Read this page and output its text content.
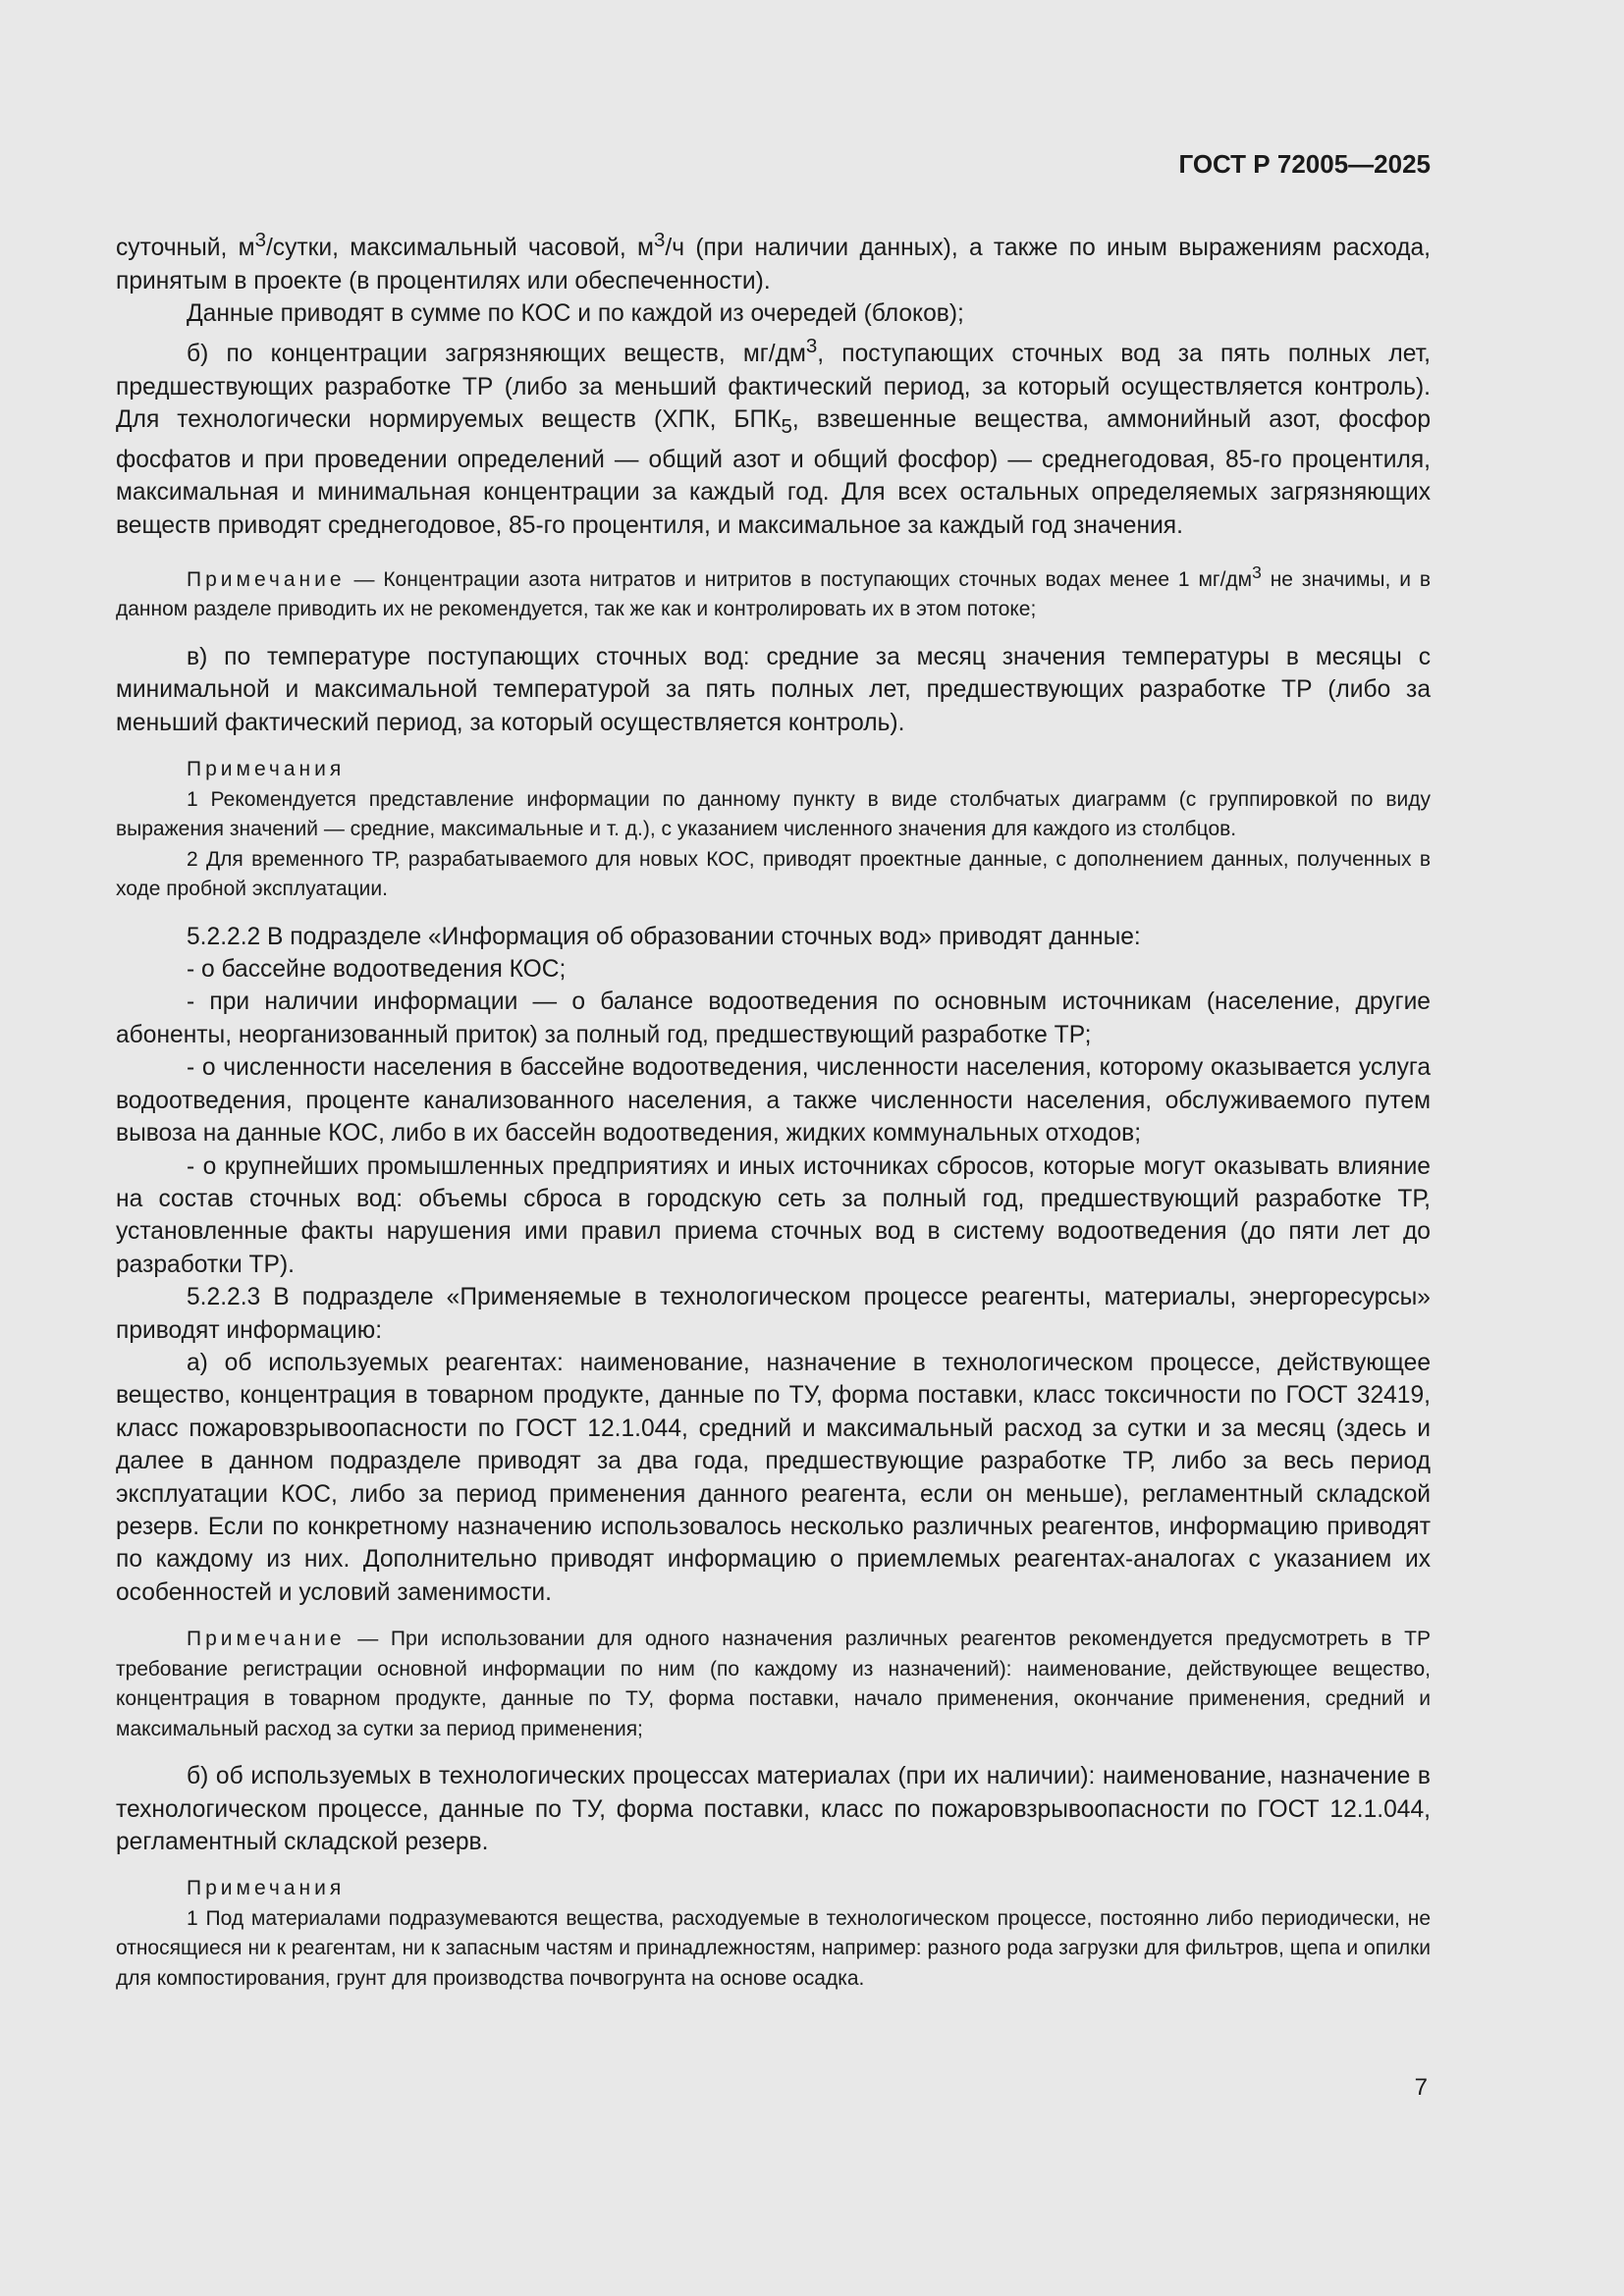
ГОСТ Р 72005—2025

суточный, $м^3$/сутки, максимальный часовой, $м^3/ч$ (при наличии данных), а также по иным выражениям расхода, принятым в проекте (в процентилях или обеспеченности).

Данные приводят в сумме по КОС и по каждой из очередей (блоков);

б) по концентрации загрязняющих веществ, $мг/дм^3$, поступающих сточных вод за пять полных лет, предшествующих разработке ТР (либо за меньший фактический период, за который осуществляется контроль). Для технологически нормируемых веществ (ХПК, $БПК_5$, взвешенные вещества, аммонийный азот, фосфор фосфатов и при проведении определений — общий азот и общий фосфор) — среднегодовая, 85-го процентиля, максимальная и минимальная концентрации за каждый год. Для всех остальных определяемых загрязняющих веществ приводят среднегодовое, 85-го процентиля, и максимальное за каждый год значения.

Примечание — Концентрации азота нитратов и нитритов в поступающих сточных водах менее 1 $мг/дм^3$ не значимы, и в данном разделе приводить их не рекомендуется, так же как и контролировать их в этом потоке;

в) по температуре поступающих сточных вод: средние за месяц значения температуры в месяцы с минимальной и максимальной температурой за пять полных лет, предшествующих разработке ТР (либо за меньший фактический период, за который осуществляется контроль).

Примечания

1 Рекомендуется представление информации по данному пункту в виде столбчатых диаграмм (с группировкой по виду выражения значений — средние, максимальные и т. д.), с указанием численного значения для каждого из столбцов.

2 Для временного ТР, разрабатываемого для новых КОС, приводят проектные данные, с дополнением данных, полученных в ходе пробной эксплуатации.

5.2.2.2 В подразделе «Информация об образовании сточных вод» приводят данные:

- о бассейне водоотведения КОС;

- при наличии информации — о балансе водоотведения по основным источникам (население, другие абоненты, неорганизованный приток) за полный год, предшествующий разработке ТР;

- о численности населения в бассейне водоотведения, численности населения, которому оказывается услуга водоотведения, проценте канализованного населения, а также численности населения, обслуживаемого путем вывоза на данные КОС, либо в их бассейн водоотведения, жидких коммунальных отходов;

- о крупнейших промышленных предприятиях и иных источниках сбросов, которые могут оказывать влияние на состав сточных вод: объемы сброса в городскую сеть за полный год, предшествующий разработке ТР, установленные факты нарушения ими правил приема сточных вод в систему водоотведения (до пяти лет до разработки ТР).

5.2.2.3 В подразделе «Применяемые в технологическом процессе реагенты, материалы, энергоресурсы» приводят информацию:

а) об используемых реагентах: наименование, назначение в технологическом процессе, действующее вещество, концентрация в товарном продукте, данные по ТУ, форма поставки, класс токсичности по ГОСТ 32419, класс пожаровзрывоопасности по ГОСТ 12.1.044, средний и максимальный расход за сутки и за месяц (здесь и далее в данном подразделе приводят за два года, предшествующие разработке ТР, либо за весь период эксплуатации КОС, либо за период применения данного реагента, если он меньше), регламентный складской резерв. Если по конкретному назначению использовалось несколько различных реагентов, информацию приводят по каждому из них. Дополнительно приводят информацию о приемлемых реагентах-аналогах с указанием их особенностей и условий заменимости.

Примечание — При использовании для одного назначения различных реагентов рекомендуется предусмотреть в ТР требование регистрации основной информации по ним (по каждому из назначений): наименование, действующее вещество, концентрация в товарном продукте, данные по ТУ, форма поставки, начало применения, окончание применения, средний и максимальный расход за сутки за период применения;

б) об используемых в технологических процессах материалах (при их наличии): наименование, назначение в технологическом процессе, данные по ТУ, форма поставки, класс по пожаровзрывоопасности по ГОСТ 12.1.044, регламентный складской резерв.

Примечания

1 Под материалами подразумеваются вещества, расходуемые в технологическом процессе, постоянно либо периодически, не относящиеся ни к реагентам, ни к запасным частям и принадлежностям, например: разного рода загрузки для фильтров, щепа и опилки для компостирования, грунт для производства почвогрунта на основе осадка.

7
